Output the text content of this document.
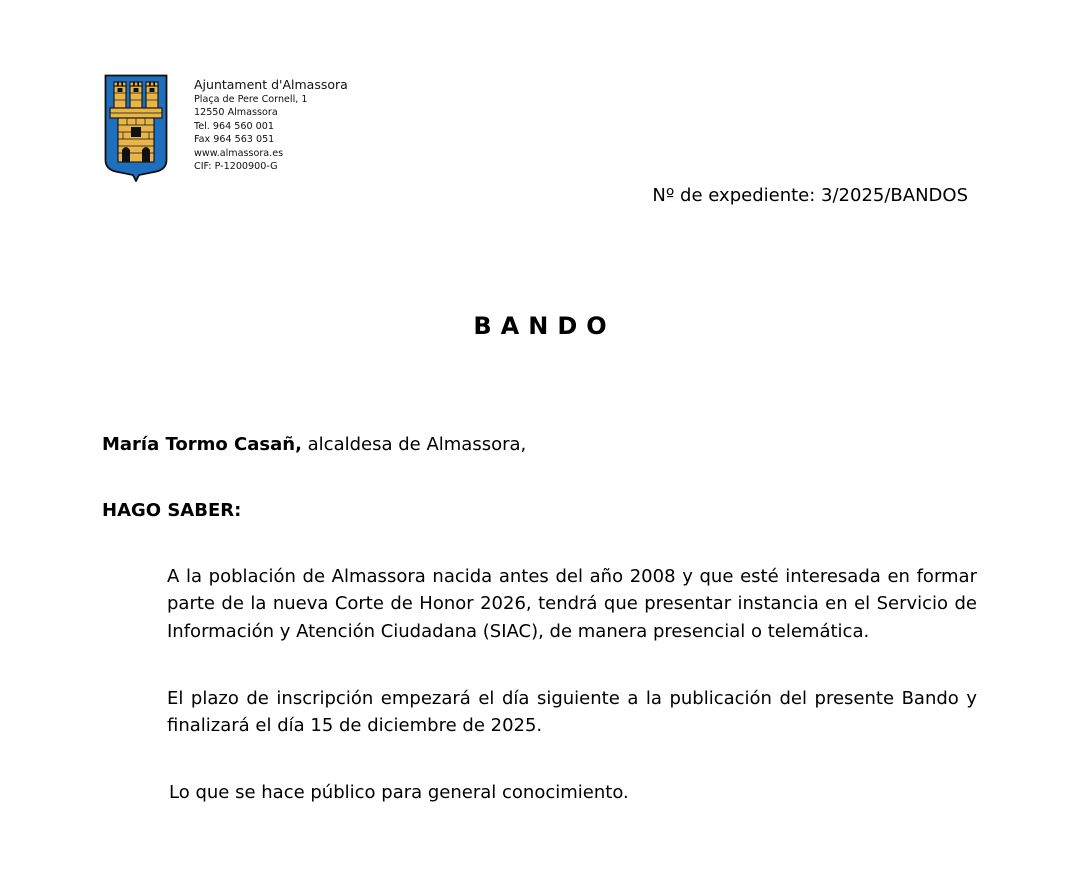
Ajuntament d'Almassora
Plaça de Pere Cornell, 1
12550 Almassora
Tel. 964 560 001
Fax 964 563 051
www.almassora.es
CIF: P-1200900-G
Nº de expediente: 3/2025/BANDOS
BANDO
María Tormo Casañ, alcaldesa de Almassora,
HAGO SABER:
A la población de Almassora nacida antes del año 2008 y que esté interesada en formar parte de la nueva Corte de Honor 2026, tendrá que presentar instancia en el Servicio de Información y Atención Ciudadana (SIAC), de manera presencial o telemática.
El plazo de inscripción empezará el día siguiente a la publicación del presente Bando y finalizará el día 15 de diciembre de 2025.
Lo que se hace público para general conocimiento.
